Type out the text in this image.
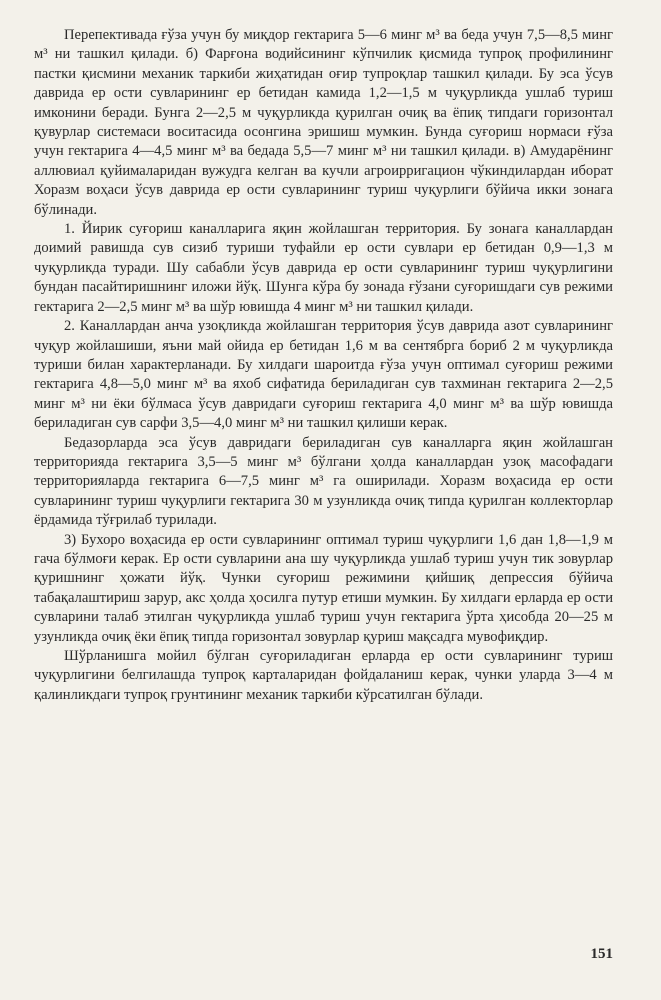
Перепективада ғўза учун бу миқдор гектарига 5—6 минг м³ ва беда учун 7,5—8,5 минг м³ ни ташкил қилади. б) Фарғона водийсининг кўпчилик қисмида тупроқ профилининг пастки қисмини механик таркиби жиҳатидан оғир тупроқлар ташкил қилади. Бу эса ўсув даврида ер ости сувларининг ер бетидан камида 1,2—1,5 м чуқурликда ушлаб туриш имконини беради. Бунга 2—2,5 м чуқурликда қурилган очиқ ва ёпиқ типдаги горизонтал қувурлар системаси воситасида осонгина эришиш мумкин. Бунда суғориш нормаси ғўза учун гектарига 4—4,5 минг м³ ва бедада 5,5—7 минг м³ ни ташкил қилади. в) Амударёнинг аллювиал қуйималаридан вужудга келган ва кучли агроирригацион чўкиндилардан иборат Хоразм воҳаси ўсув даврида ер ости сувларининг туриш чуқурлиги бўйича икки зонага бўлинади.

1. Йирик суғориш каналларига яқин жойлашган территория. Бу зонага каналлардан доимий равишда сув сизиб туриши туфайли ер ости сувлари ер бетидан 0,9—1,3 м чуқурликда туради. Шу сабабли ўсув даврида ер ости сувларининг туриш чуқурлигини бундан пасайтиришнинг иложи йўқ. Шунга кўра бу зонада ғўзани суғоришдаги сув режими гектарига 2—2,5 минг м³ ва шўр ювишда 4 минг м³ ни ташкил қилади.

2. Каналлардан анча узоқликда жойлашган территория ўсув даврида азот сувларининг чуқур жойлашиши, яъни май ойида ер бетидан 1,6 м ва сентябрга бориб 2 м чуқурликда туриши билан характерланади. Бу хилдаги шароитда ғўза учун оптимал суғориш режими гектарига 4,8—5,0 минг м³ ва яхоб сифатида бериладиган сув тахминан гектарига 2—2,5 минг м³ ни ёки бўлмаса ўсув давридаги суғориш гектарига 4,0 минг м³ ва шўр ювишда бериладиган сув сарфи 3,5—4,0 минг м³ ни ташкил қилиши керак.

Бедазорларда эса ўсув давридаги бериладиган сув каналларга яқин жойлашган территорияда гектарига 3,5—5 минг м³ бўлгани ҳолда каналлардан узоқ масофадаги территорияларда гектарига 6—7,5 минг м³ га оширилади. Хоразм воҳасида ер ости сувларининг туриш чуқурлиги гектарига 30 м узунликда очиқ типда қурилган коллекторлар ёрдамида тўғрилаб турилади.

3) Бухоро воҳасида ер ости сувларининг оптимал туриш чуқурлиги 1,6 дан 1,8—1,9 м гача бўлмоғи керак. Ер ости сувларини ана шу чуқурликда ушлаб туриш учун тик зовурлар қуришнинг ҳожати йўқ. Чунки суғориш режимини қийшиқ депрессия бўйича табақалаштириш зарур, акс ҳолда ҳосилга путур етиши мумкин. Бу хилдаги ерларда ер ости сувларини талаб этилган чуқурликда ушлаб туриш учун гектарига ўрта ҳисобда 20—25 м узунликда очиқ ёки ёпиқ типда горизонтал зовурлар қуриш мақсадга мувофиқдир.

Шўрланишга мойил бўлган суғориладиган ерларда ер ости сувларининг туриш чуқурлигини белгилашда тупроқ карталаридан фойдаланиш керак, чунки уларда 3—4 м қалинликдаги тупроқ грунтининг механик таркиби кўрсатилган бўлади.

151
